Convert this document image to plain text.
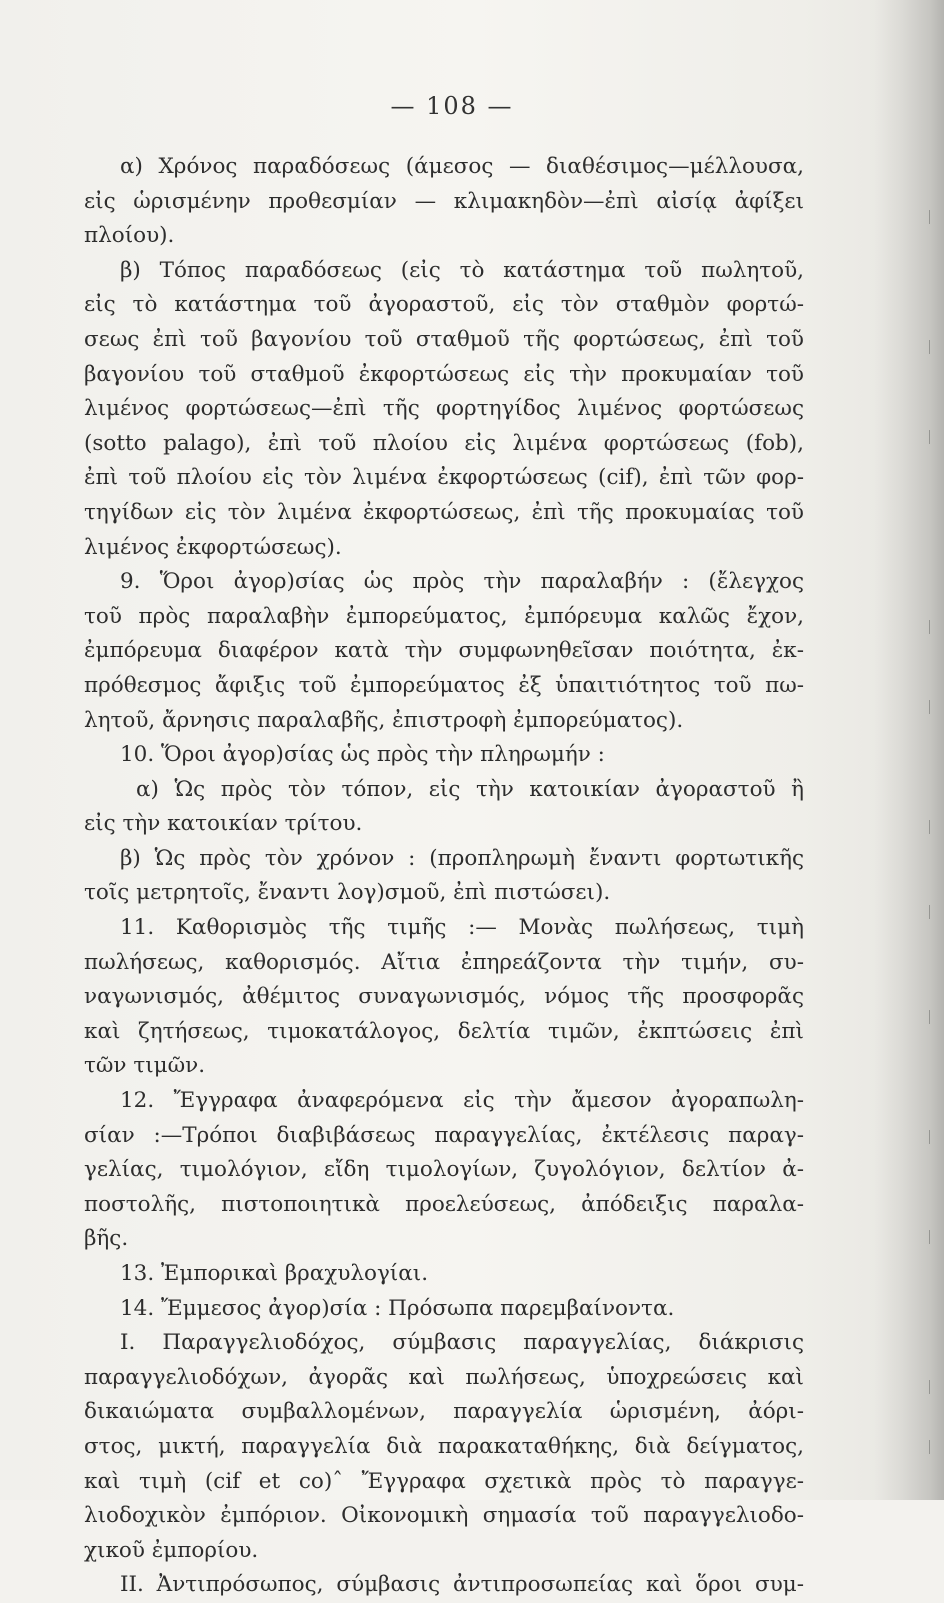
— 108 —
α) Χρόνος παραδόσεως (άμεσος — διαθέσιμος—μέλλουσα,
εἰς ὡρισμένην προθεσμίαν — κλιμακηδὸν—ἐπὶ αἰσίᾳ ἀφίξει
πλοίου).
β) Τόπος παραδόσεως (εἰς τὸ κατάστημα τοῦ πωλητοῦ,
εἰς τὸ κατάστημα τοῦ ἀγοραστοῦ, εἰς τὸν σταθμὸν φορτώ-
σεως ἐπὶ τοῦ βαγονίου τοῦ σταθμοῦ τῆς φορτώσεως, ἐπὶ τοῦ
βαγονίου τοῦ σταθμοῦ ἐκφορτώσεως εἰς τὴν προκυμαίαν τοῦ
λιμένος φορτώσεως—ἐπὶ τῆς φορτηγίδος λιμένος φορτώσεως
(sotto palago), ἐπὶ τοῦ πλοίου εἰς λιμένα φορτώσεως (fob),
ἐπὶ τοῦ πλοίου εἰς τὸν λιμένα ἐκφορτώσεως (cif), ἐπὶ τῶν φορ-
τηγίδων εἰς τὸν λιμένα ἐκφορτώσεως, ἐπὶ τῆς προκυμαίας τοῦ
λιμένος ἐκφορτώσεως).
9. Ὅροι ἀγορ)σίας ὡς πρὸς τὴν παραλαβήν : (ἔλεγχος
τοῦ πρὸς παραλαβὴν ἐμπορεύματος, ἐμπόρευμα καλῶς ἔχον,
ἐμπόρευμα διαφέρον κατὰ τὴν συμφωνηθεῖσαν ποιότητα, ἐκ-
πρόθεσμος ἄφιξις τοῦ ἐμπορεύματος ἐξ ὑπαιτιότητος τοῦ πω-
λητοῦ, ἄρνησις παραλαβῆς, ἐπιστροφὴ ἐμπορεύματος).
10. Ὅροι ἀγορ)σίας ὡς πρὸς τὴν πληρωμήν :
α) Ὡς πρὸς τὸν τόπον, εἰς τὴν κατοικίαν ἀγοραστοῦ ἢ
εἰς τὴν κατοικίαν τρίτου.
β) Ὡς πρὸς τὸν χρόνον : (προπληρωμὴ ἔναντι φορτωτικῆς
τοῖς μετρητοῖς, ἔναντι λογ)σμοῦ, ἐπὶ πιστώσει).
11. Καθορισμὸς τῆς τιμῆς :— Μονὰς πωλήσεως, τιμὴ
πωλήσεως, καθορισμός. Αἴτια ἐπηρεάζοντα τὴν τιμήν, συ-
ναγωνισμός, ἀθέμιτος συναγωνισμός, νόμος τῆς προσφορᾶς
καὶ ζητήσεως, τιμοκατάλογος, δελτία τιμῶν, ἐκπτώσεις ἐπὶ
τῶν τιμῶν.
12. Ἔγγραφα ἀναφερόμενα εἰς τὴν ἄμεσον ἀγοραπωλη-
σίαν :—Τρόποι διαβιβάσεως παραγγελίας, ἐκτέλεσις παραγ-
γελίας, τιμολόγιον, εἴδη τιμολογίων, ζυγολόγιον, δελτίον ἀ-
ποστολῆς, πιστοποιητικὰ προελεύσεως, ἀπόδειξις παραλα-
βῆς.
13. Ἐμπορικαὶ βραχυλογίαι.
14. Ἔμμεσος ἀγορ)σία : Πρόσωπα παρεμβαίνοντα.
Ι. Παραγγελιοδόχος, σύμβασις παραγγελίας, διάκρισις
παραγγελιοδόχων, ἀγορᾶς καὶ πωλήσεως, ὑποχρεώσεις καὶ
δικαιώματα συμβαλλομένων, παραγγελία ὡρισμένη, ἀόρι-
στος, μικτή, παραγγελία διὰ παρακαταθήκης, διὰ δείγματος,
καὶ τιμὴ (cif et co)ˆ Ἔγγραφα σχετικὰ πρὸς τὸ παραγγε-
λιοδοχικὸν ἐμπόριον. Οἰκονομικὴ σημασία τοῦ παραγγελιοδο-
χικοῦ ἐμπορίου.
ΙΙ. Ἀντιπρόσωπος, σύμβασις ἀντιπροσωπείας καὶ ὅροι συμ-
